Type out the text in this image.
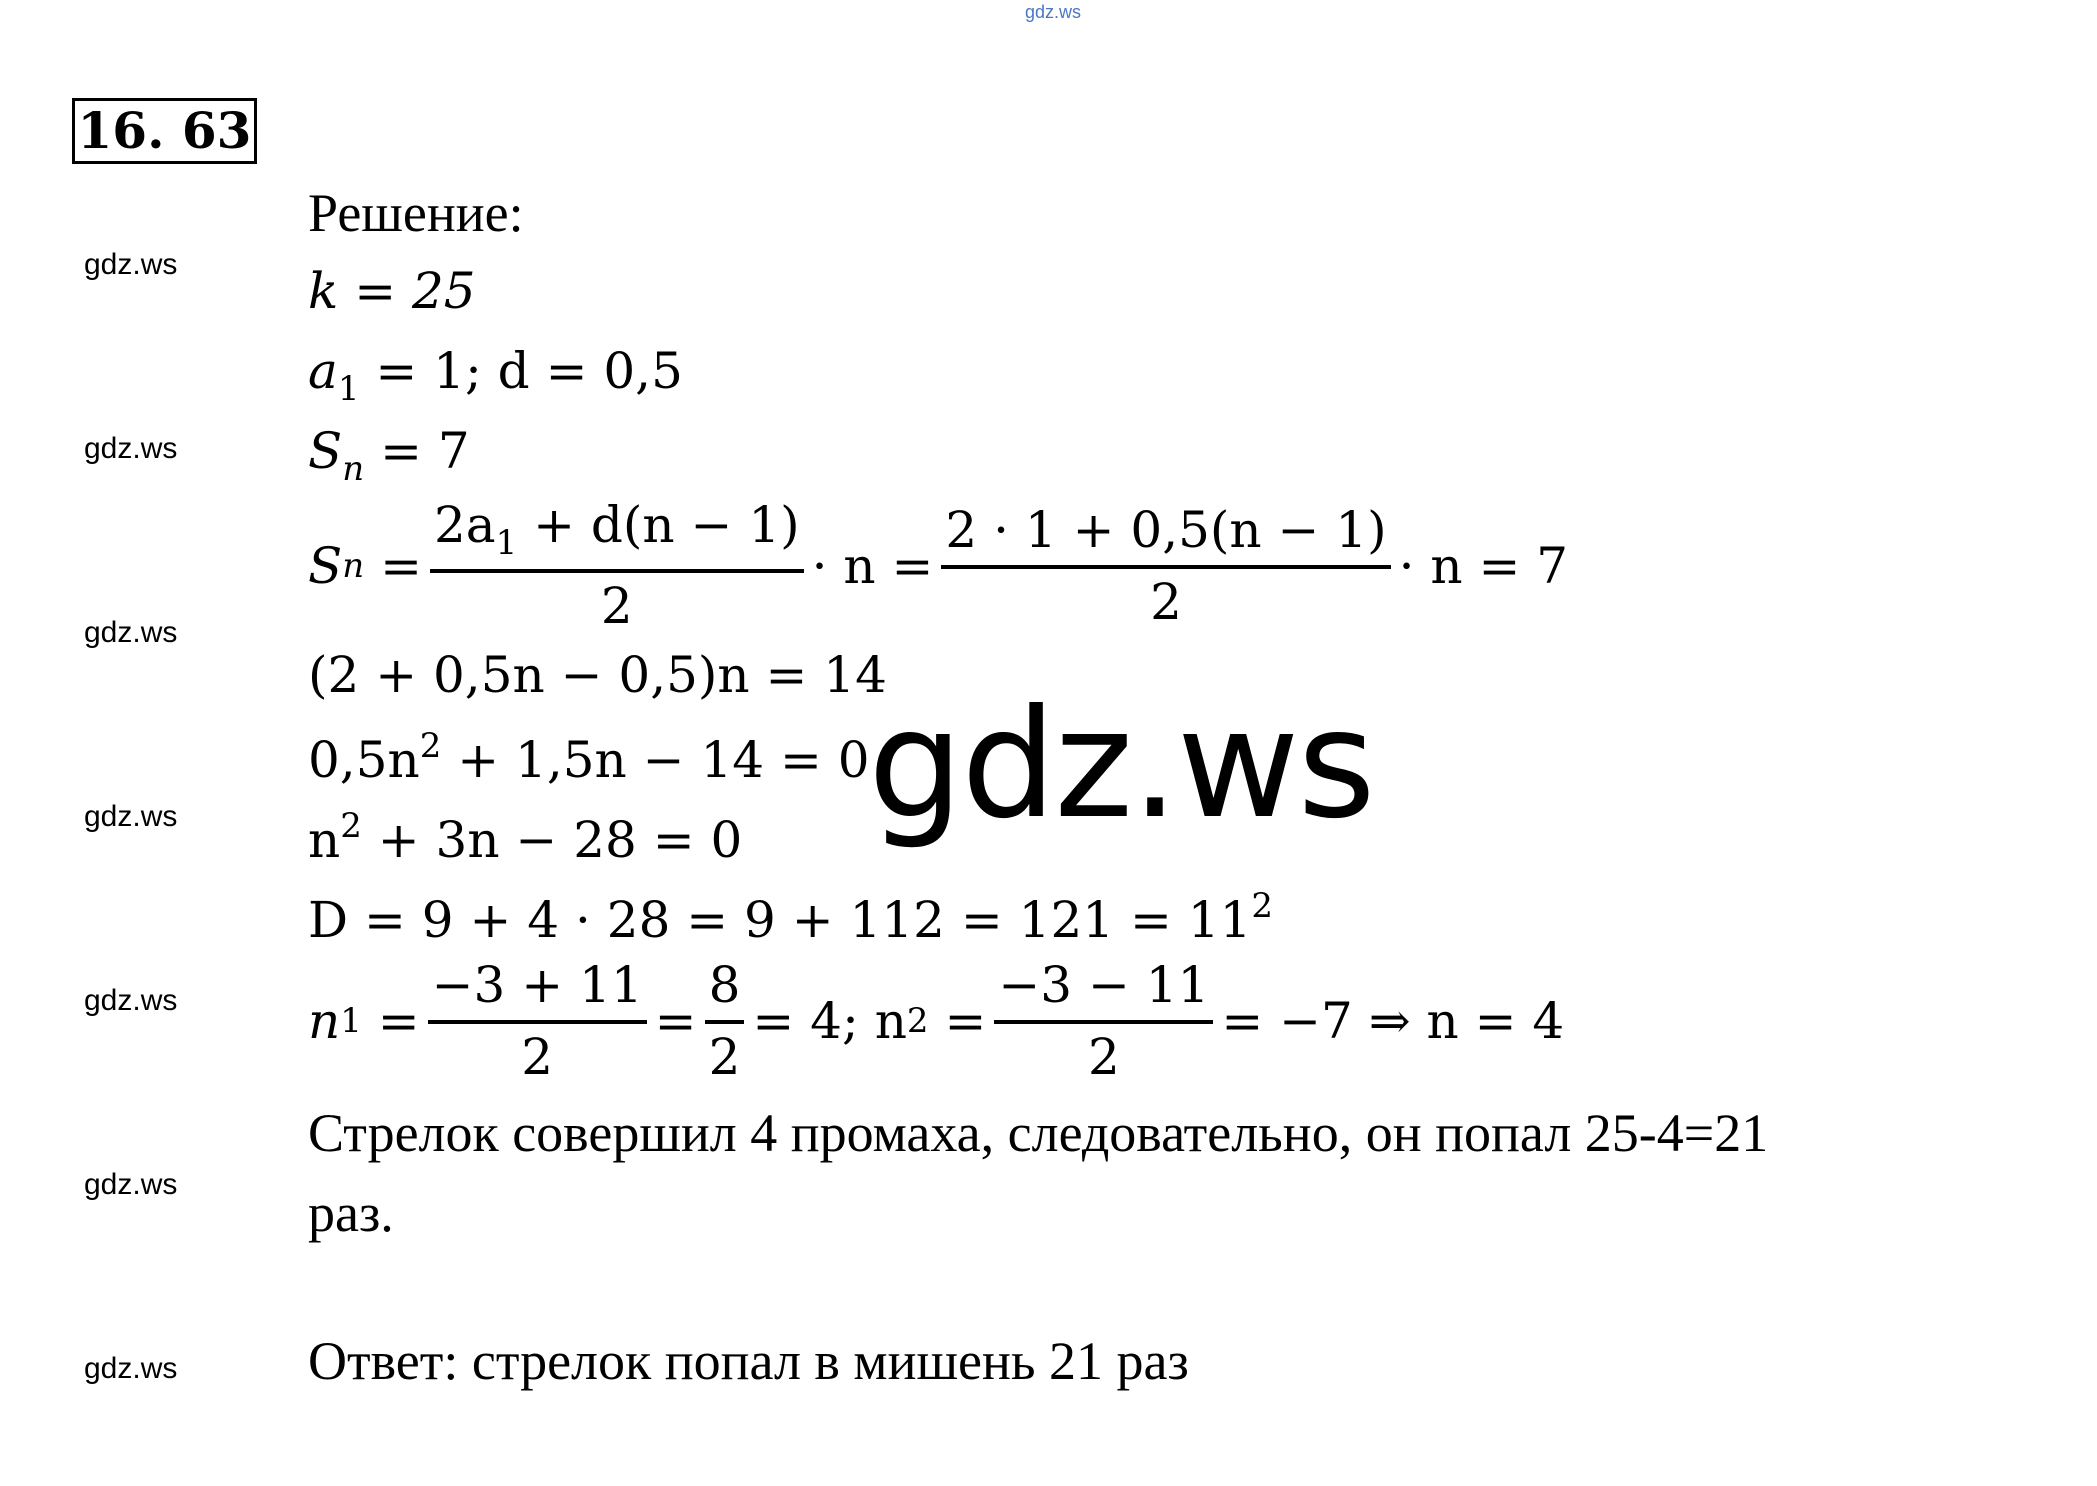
gdz.ws
16. 63
gdz.ws
gdz.ws
gdz.ws
gdz.ws
gdz.ws
gdz.ws
gdz.ws
Решение:
k = 25
$a_1 = 1$; d = 0,5
$S_n = 7$
S $n = \frac{2a_1 + d(n - 1)}{2} \cdot n = \frac{2 \cdot 1 + 0,5(n - 1)}{2} \cdot n = 7$
(2 + 0,5n − 0,5)n = 14
$0,5n^2 + 1,5n - 14 = 0$
$n^2 + 3n - 28 = 0$
$D = 9 + 4 \cdot 28 = 9 + 112 = 121 = 11^2$
n $1 = \frac{-3 + 11}{2} = \frac{8}{2} = 4$; n $2 = \frac{-3 - 11}{2} = -7$ ⇒ n = 4
Стрелок совершил 4 промаха, следовательно, он попал 25-4=21
раз.
Ответ: стрелок попал в мишень 21 раз
gdz.ws
